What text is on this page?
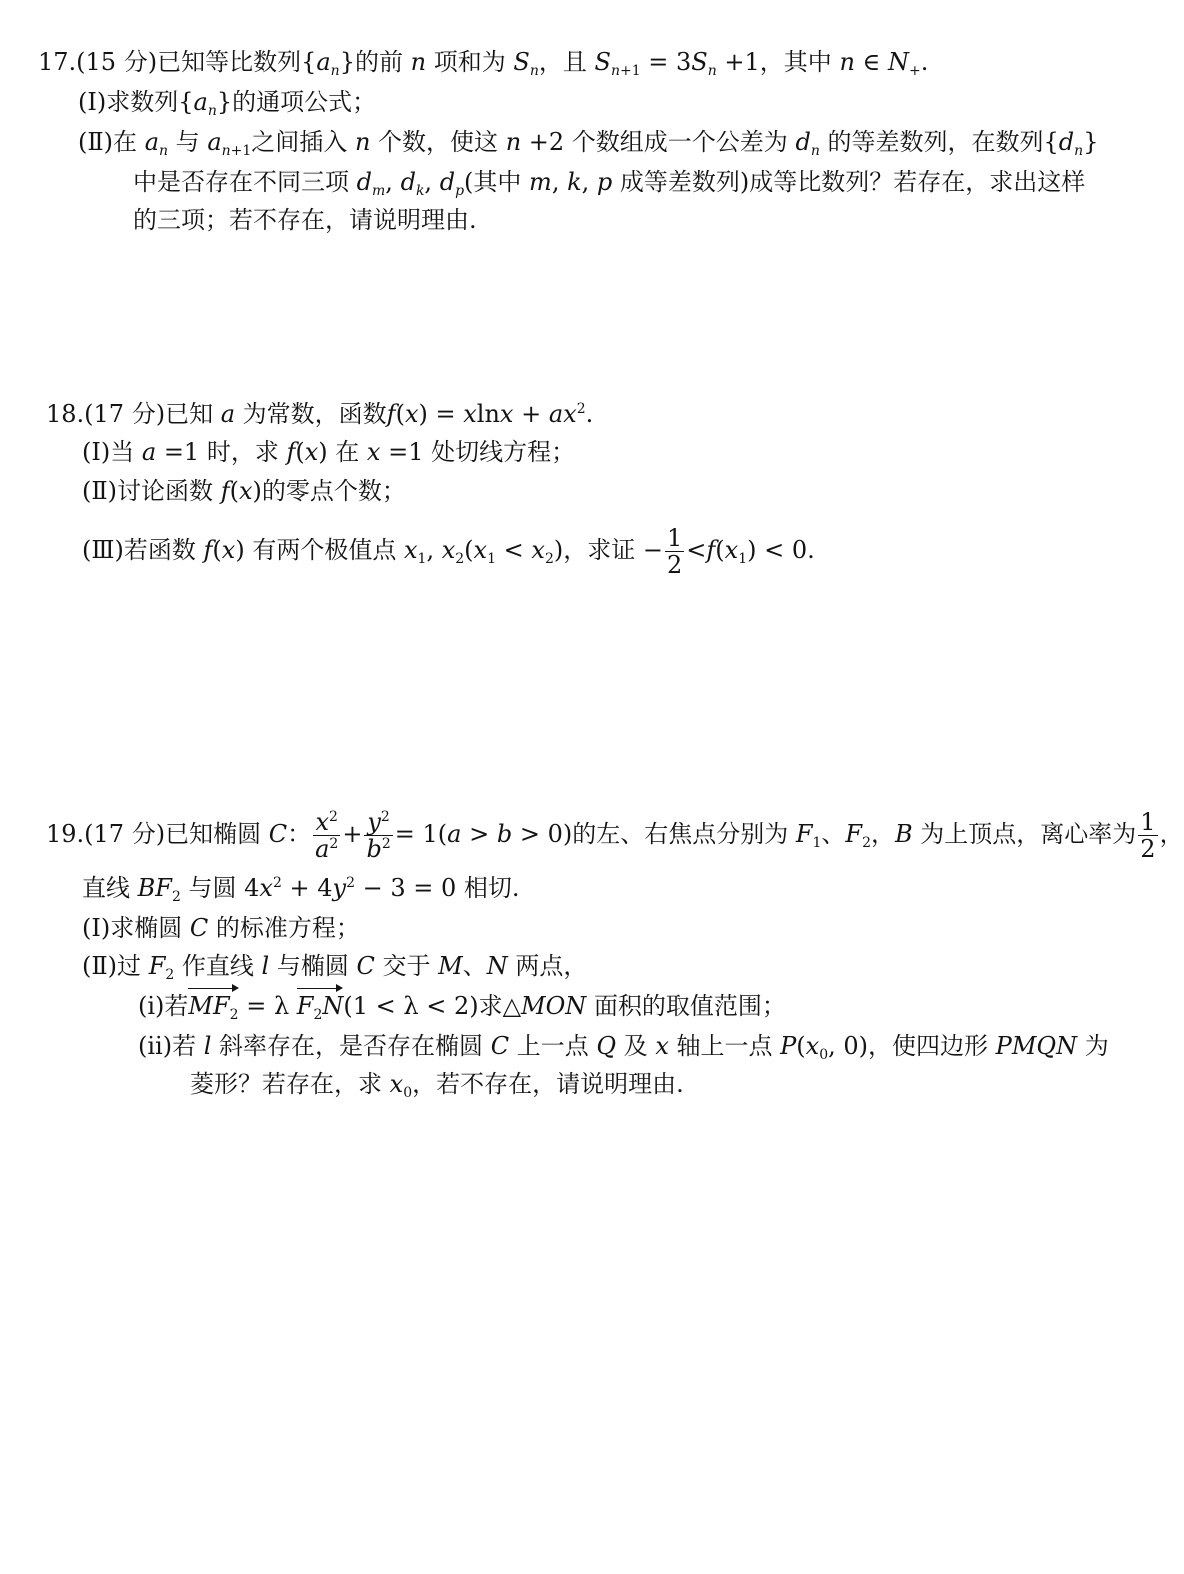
17.(15 分)已知等比数列$\{a_n\}$的前 n 项和为 $S_n$，且 $S_{n+1} = 3S_n +1$，其中 n ∈ $N_+$.
(Ⅰ)求数列$\{a_n\}$的通项公式；
(Ⅱ)在 $a_n$ 与 $a_{n+1}$之间插入 n 个数，使这 n +2 个数组成一个公差为 $d_n$ 的等差数列，在数列$\{d_n\}$
中是否存在不同三项 $d_m$, $d_k$, $d_p$(其中 m, k, p 成等差数列)成等比数列？若存在，求出这样
的三项；若不存在，请说明理由.
18.(17 分)已知 a 为常数，函数$f(x) = xlnx + ax^2$.
(Ⅰ)当 a =1 时，求 f(x) 在 x =1 处切线方程；
(Ⅱ)讨论函数 f(x)的零点个数；
(Ⅲ)若函数 f(x) 有两个极值点 $x_1$, $x_2(x_1 < x_2)$，求证 − $\frac{1}{2} <f(x_1) < 0$.
19.(17 分)已知椭圆 C： $\frac{x^2}{a^2} + \frac{y^2}{b^2} = 1(a > b > 0)$的左、右焦点分别为 $F_1$、$F_2$，B 为上顶点，离心率为 $\frac{1}{2}$ ，
直线 $BF_2$ 与圆 $4x^2 + 4y^2 - 3 = 0$ 相切.
(Ⅰ)求椭圆 C 的标准方程；
(Ⅱ)过 $F_2$ 作直线 l 与椭圆 C 交于 M、N 两点，
(ⅰ)若$MF_2 = \lambda$ $F_2N(1 < \lambda < 2)$求△MON 面积的取值范围；
(ⅱ)若 l 斜率存在，是否存在椭圆 C 上一点 Q 及 x 轴上一点 $P(x_0$, 0)，使四边形 PMQN 为
菱形？若存在，求 $x_0$，若不存在，请说明理由.
